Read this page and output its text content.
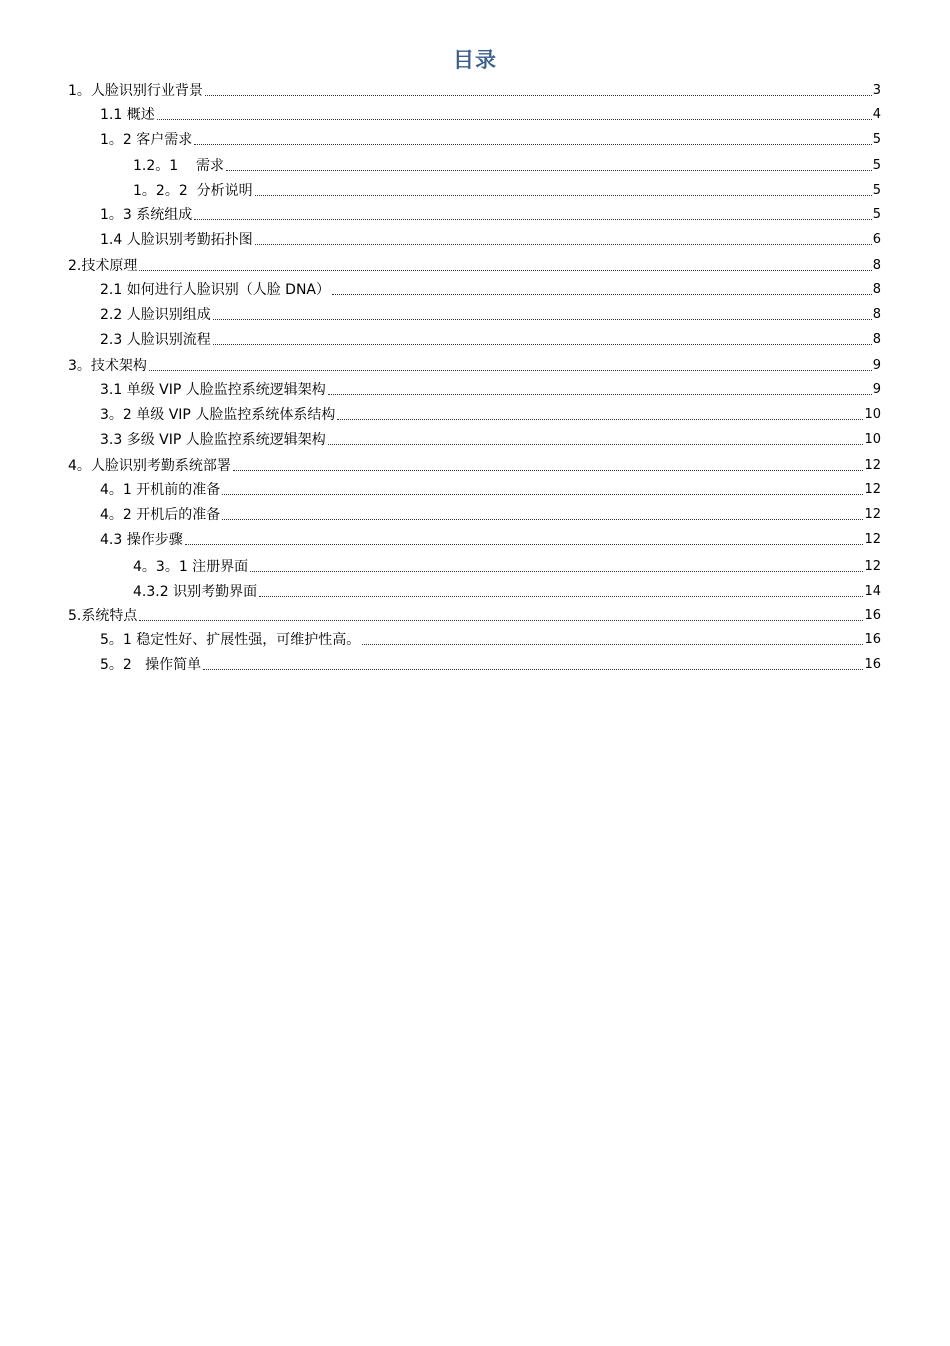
目录
1。人脸识别行业背景	3
1.1 概述	4
1。2 客户需求	5
1.2。1    需求	5
1。2。2  分析说明	5
1。3 系统组成	5
1.4 人脸识别考勤拓扑图	6
2.技术原理	8
2.1 如何进行人脸识别（人脸 DNA）	8
2.2 人脸识别组成	8
2.3 人脸识别流程	8
3。技术架构	9
3.1 单级 VIP 人脸监控系统逻辑架构	9
3。2 单级 VIP 人脸监控系统体系结构	10
3.3 多级 VIP 人脸监控系统逻辑架构	10
4。人脸识别考勤系统部署	12
4。1 开机前的准备	12
4。2 开机后的准备	12
4.3 操作步骤	12
4。3。1 注册界面	12
4.3.2 识别考勤界面	14
5.系统特点	16
5。1 稳定性好、扩展性强，可维护性高。	16
5。2   操作简单	16
